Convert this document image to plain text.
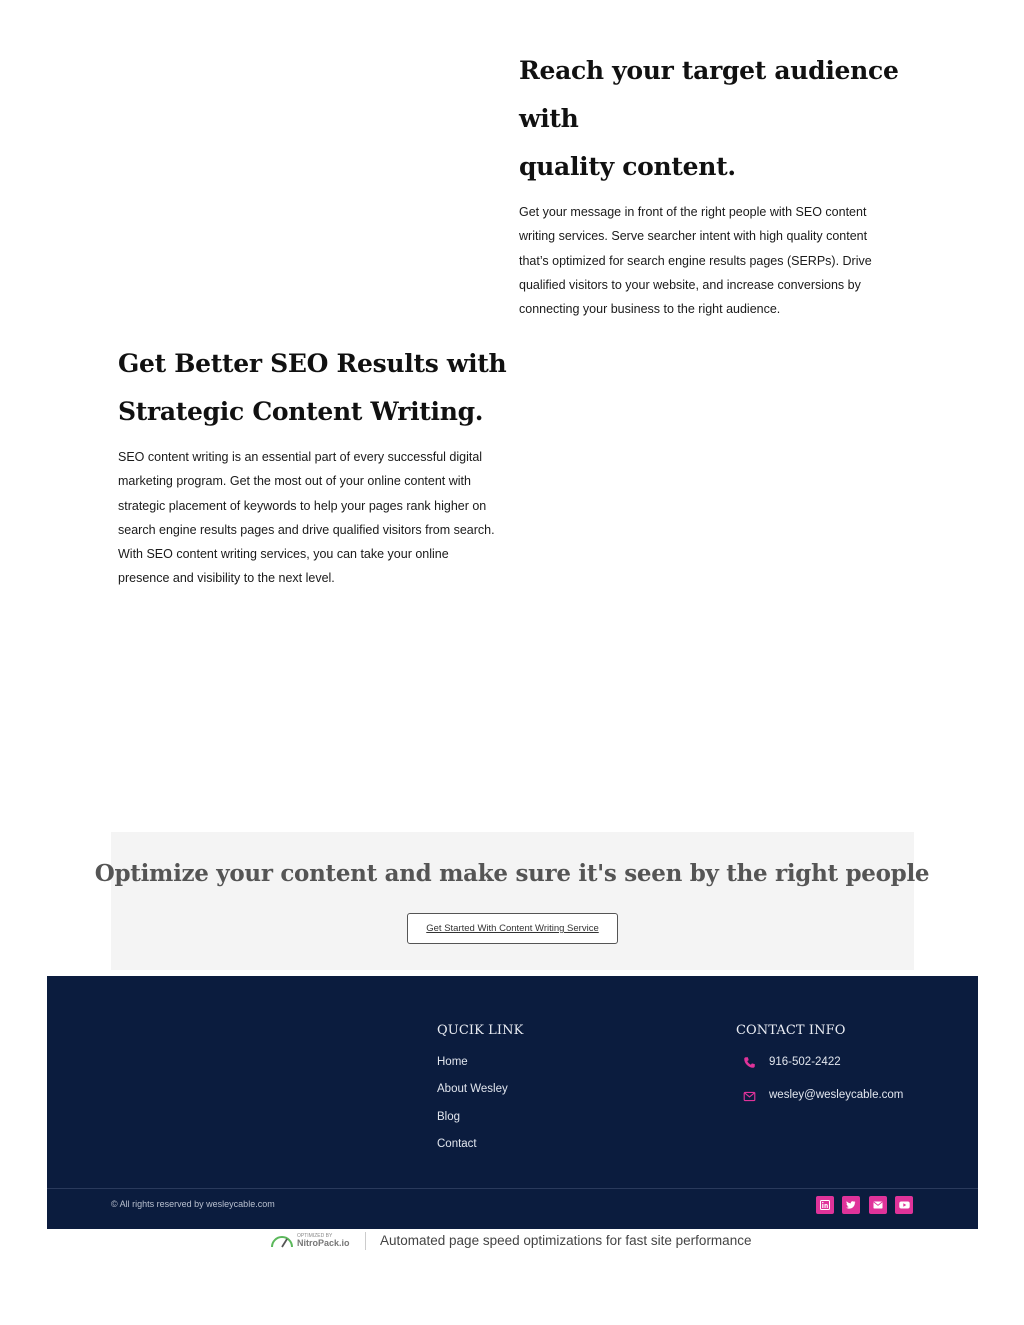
Reach your target audience with
quality content.

Get your message in front of the right people with SEO content
writing services. Serve searcher intent with high quality content
that’s optimized for search engine results pages (SERPs). Drive
qualified visitors to your website, and increase conversions by
connecting your business to the right audience.

Get Better SEO Results with
Strategic Content Writing.

SEO content writing is an essential part of every successful digital
marketing program. Get the most out of your online content with
strategic placement of keywords to help your pages rank higher on
search engine results pages and drive qualified visitors from search.
With SEO content writing services, you can take your online
presence and visibility to the next level.

Optimize your content and make sure it's seen by the right people
Get Started With Content Writing Service
QUCIK LINK
Home
About Wesley
Blog
Contact
CONTACT INFO
916-502-2422
wesley@wesleycable.com
© All rights reserved by wesleycable.com
OPTIMIZED BY
NitroPack.io Automated page speed optimizations for fast site performance
